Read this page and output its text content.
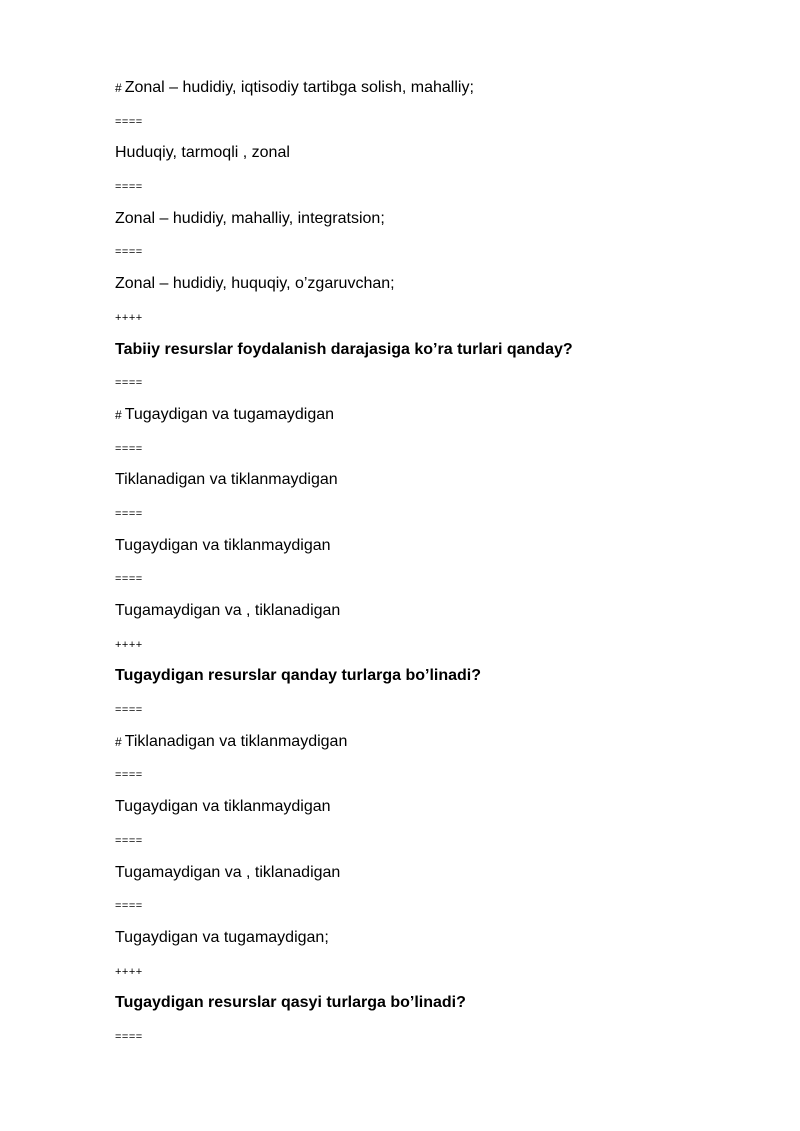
# Zonal – hudidiy, iqtisodiy tartibga solish, mahalliy;
====
Huduqiy, tarmoqli , zonal
====
Zonal – hudidiy, mahalliy, integratsion;
====
Zonal – hudidiy, huquqiy, o’zgaruvchan;
++++
Tabiiy resurslar foydalanish darajasiga ko’ra turlari qanday?
====
# Tugaydigan va tugamaydigan
====
Tiklanadigan va tiklanmaydigan
====
Tugaydigan va tiklanmaydigan
====
Tugamaydigan va , tiklanadigan
++++
Tugaydigan resurslar qanday turlarga bo’linadi?
====
# Tiklanadigan va tiklanmaydigan
====
Tugaydigan va tiklanmaydigan
====
Tugamaydigan va , tiklanadigan
====
Tugaydigan va tugamaydigan;
++++
Tugaydigan resurslar qasyi turlarga bo’linadi?
====
